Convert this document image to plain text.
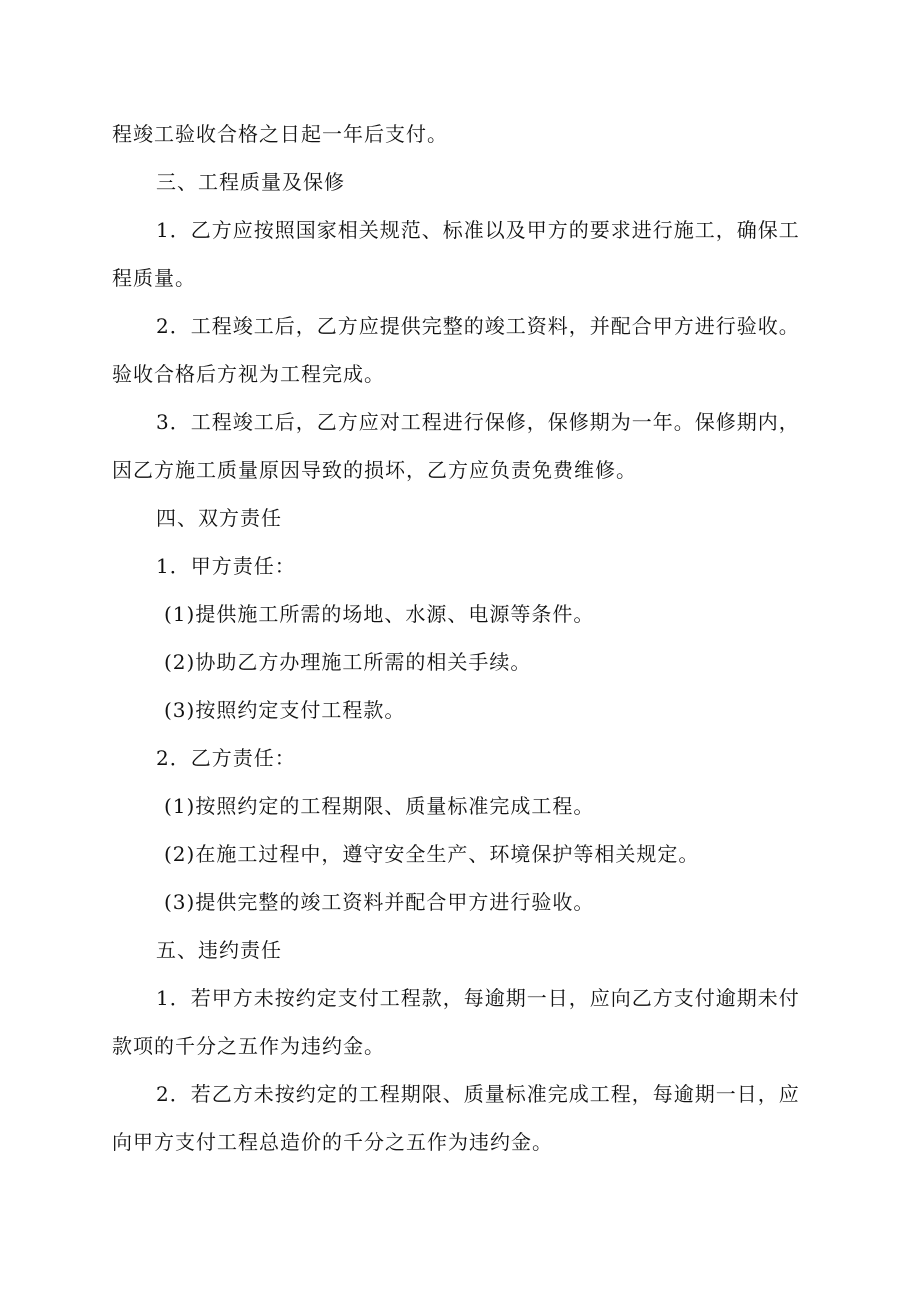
程竣工验收合格之日起一年后支付。
三、工程质量及保修
1．乙方应按照国家相关规范、标准以及甲方的要求进行施工，确保工
程质量。
2．工程竣工后，乙方应提供完整的竣工资料，并配合甲方进行验收。
验收合格后方视为工程完成。
3．工程竣工后，乙方应对工程进行保修，保修期为一年。保修期内，
因乙方施工质量原因导致的损坏，乙方应负责免费维修。
四、双方责任
1．甲方责任：
(1)提供施工所需的场地、水源、电源等条件。
(2)协助乙方办理施工所需的相关手续。
(3)按照约定支付工程款。
2．乙方责任：
(1)按照约定的工程期限、质量标准完成工程。
(2)在施工过程中，遵守安全生产、环境保护等相关规定。
(3)提供完整的竣工资料并配合甲方进行验收。
五、违约责任
1．若甲方未按约定支付工程款，每逾期一日，应向乙方支付逾期未付
款项的千分之五作为违约金。
2．若乙方未按约定的工程期限、质量标准完成工程，每逾期一日，应
向甲方支付工程总造价的千分之五作为违约金。
